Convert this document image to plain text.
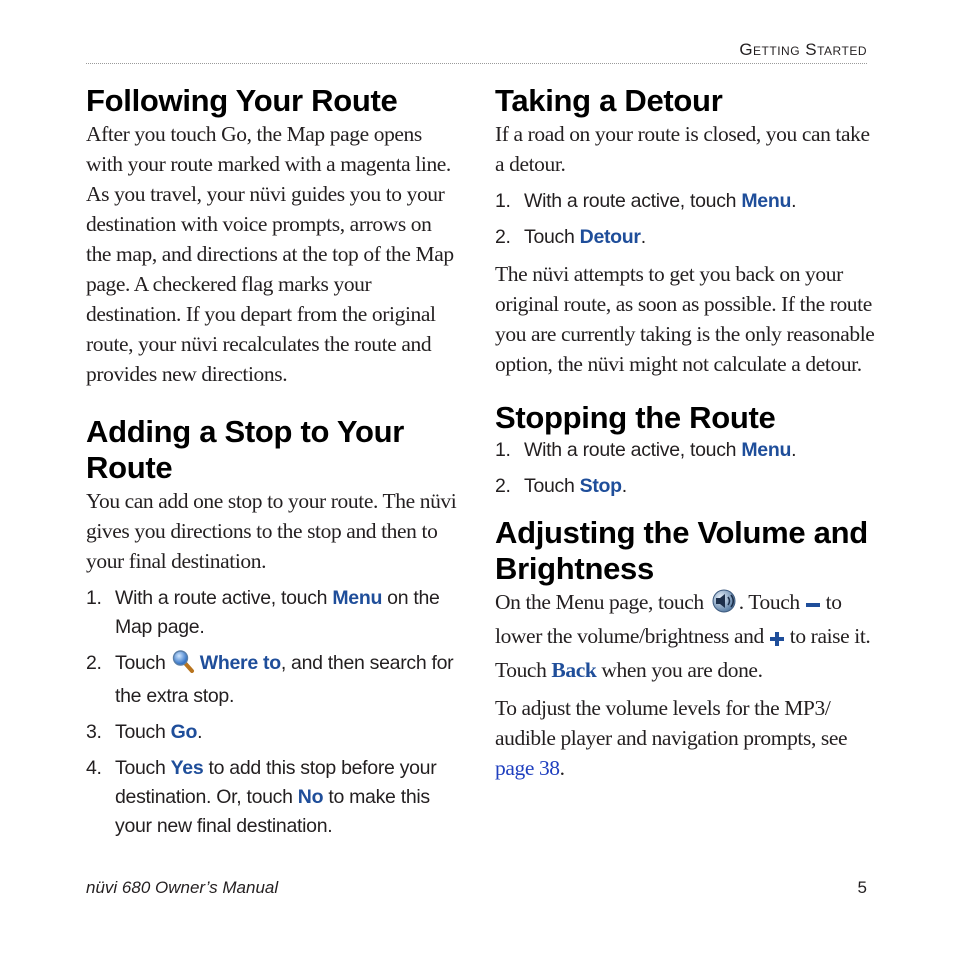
Getting Started
Following Your Route

After you touch Go, the Map page opens with your route marked with a magenta line. As you travel, your nüvi guides you to your destination with voice prompts, arrows on the map, and directions at the top of the Map page. A checkered flag marks your destination. If you depart from the original route, your nüvi recalculates the route and provides new directions.

Adding a Stop to Your Route

You can add one stop to your route. The nüvi gives you directions to the stop and then to your final destination.

1. With a route active, touch Menu on the Map page.
2. Touch  Where to, and then search for the extra stop.
3. Touch Go.
4. Touch Yes to add this stop before your destination. Or, touch No to make this your new final destination.
Taking a Detour

If a road on your route is closed, you can take a detour.

1. With a route active, touch Menu.
2. Touch Detour.

The nüvi attempts to get you back on your original route, as soon as possible. If the route you are currently taking is the only reasonable option, the nüvi might not calculate a detour.

Stopping the Route
1. With a route active, touch Menu.
2. Touch Stop.
Adjusting the Volume and Brightness

On the Menu page, touch . Touch  to lower the volume/brightness and  to raise it. Touch Back when you are done.

To adjust the volume levels for the MP3/ audible player and navigation prompts, see page 38.

nüvi 680 Owner’s Manual	5
